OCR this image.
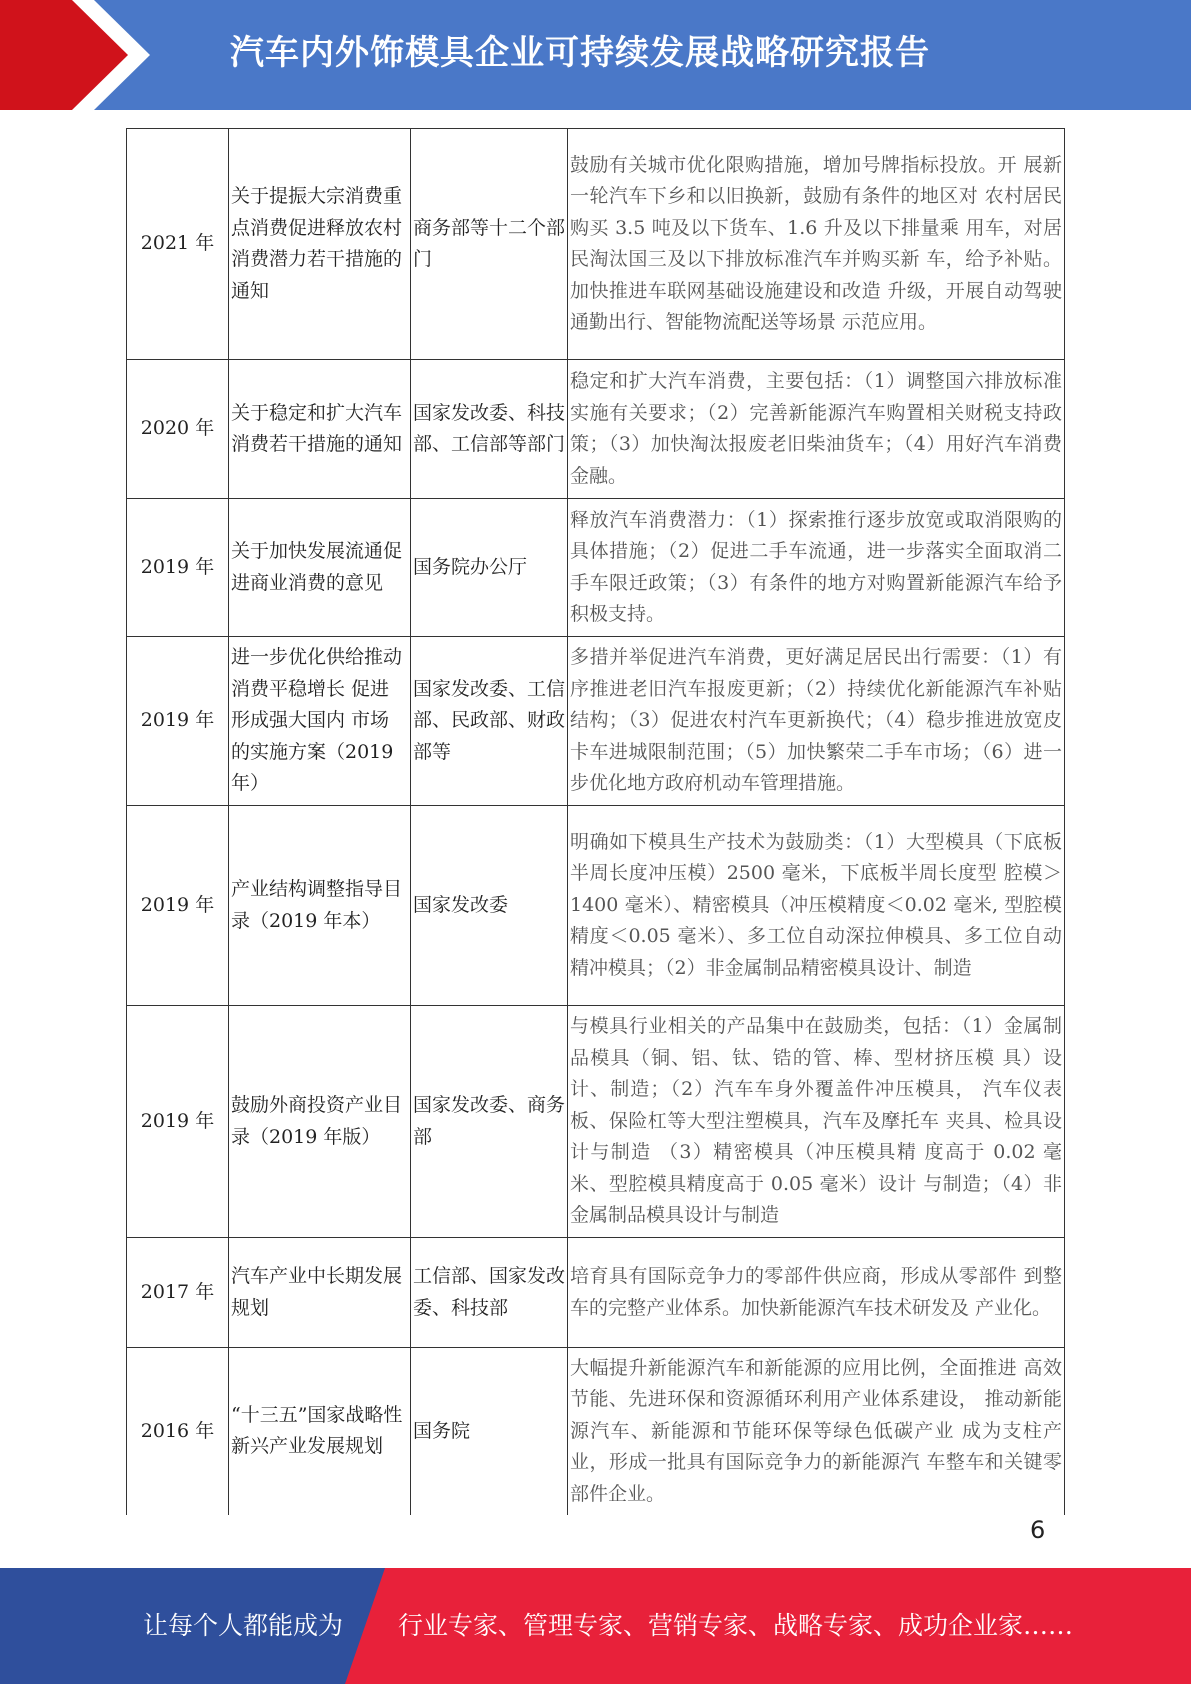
汽车内外饰模具企业可持续发展战略研究报告
2021 年	关于提振大宗消费重点消费促进释放农村消费潜力若干措施的通知	商务部等十二个部门	鼓励有关城市优化限购措施，增加号牌指标投放。开 展新一轮汽车下乡和以旧换新，鼓励有条件的地区对 农村居民购买 3.5 吨及以下货车、1.6 升及以下排量乘 用车，对居民淘汰国三及以下排放标准汽车并购买新 车，给予补贴。加快推进车联网基础设施建设和改造 升级，开展自动驾驶通勤出行、智能物流配送等场景 示范应用。
2020 年	关于稳定和扩大汽车消费若干措施的通知	国家发改委、科技部、工信部等部门	稳定和扩大汽车消费，主要包括：（1）调整国六排放标准实施有关要求；（2）完善新能源汽车购置相关财税支持政策；（3）加快淘汰报废老旧柴油货车；（4）用好汽车消费金融。
2019 年	关于加快发展流通促进商业消费的意见	国务院办公厅	释放汽车消费潜力：（1）探索推行逐步放宽或取消限购的具体措施；（2）促进二手车流通，进一步落实全面取消二手车限迁政策；（3）有条件的地方对购置新能源汽车给予积极支持。
2019 年	进一步优化供给推动消费平稳增长 促进形成强大国内 市场的实施方案（2019 年）	国家发改委、工信部、民政部、财政部等	多措并举促进汽车消费，更好满足居民出行需要：（1）有序推进老旧汽车报废更新；（2）持续优化新能源汽车补贴结构；（3）促进农村汽车更新换代；（4）稳步推进放宽皮卡车进城限制范围；（5）加快繁荣二手车市场；（6）进一步优化地方政府机动车管理措施。
2019 年	产业结构调整指导目录（2019 年本）	国家发改委	明确如下模具生产技术为鼓励类：（1）大型模具（下底板半周长度冲压模）2500 毫米，下底板半周长度型 腔模＞1400 毫米）、精密模具（冲压模精度＜0.02 毫米, 型腔模精度＜0.05 毫米）、多工位自动深拉伸模具、多工位自动精冲模具；（2）非金属制品精密模具设计、制造
2019 年	鼓励外商投资产业目录（2019 年版）	国家发改委、商务部	与模具行业相关的产品集中在鼓励类，包括：（1）金属制品模具（铜、铝、钛、锆的管、棒、型材挤压模 具）设计、制造；（2）汽车车身外覆盖件冲压模具， 汽车仪表板、保险杠等大型注塑模具，汽车及摩托车 夹具、检具设计与制造 （3）精密模具（冲压模具精 度高于 0.02 毫米、型腔模具精度高于 0.05 毫米）设计 与制造；（4）非金属制品模具设计与制造
2017 年	汽车产业中长期发展规划	工信部、国家发改委、科技部	培育具有国际竞争力的零部件供应商，形成从零部件 到整车的完整产业体系。加快新能源汽车技术研发及 产业化。
2016 年	“十三五”国家战略性新兴产业发展规划	国务院	大幅提升新能源汽车和新能源的应用比例，全面推进 高效节能、先进环保和资源循环利用产业体系建设， 推动新能源汽车、新能源和节能环保等绿色低碳产业 成为支柱产业，形成一批具有国际竞争力的新能源汽 车整车和关键零部件企业。
6
让每个人都能成为 行业专家、管理专家、营销专家、战略专家、成功企业家……
